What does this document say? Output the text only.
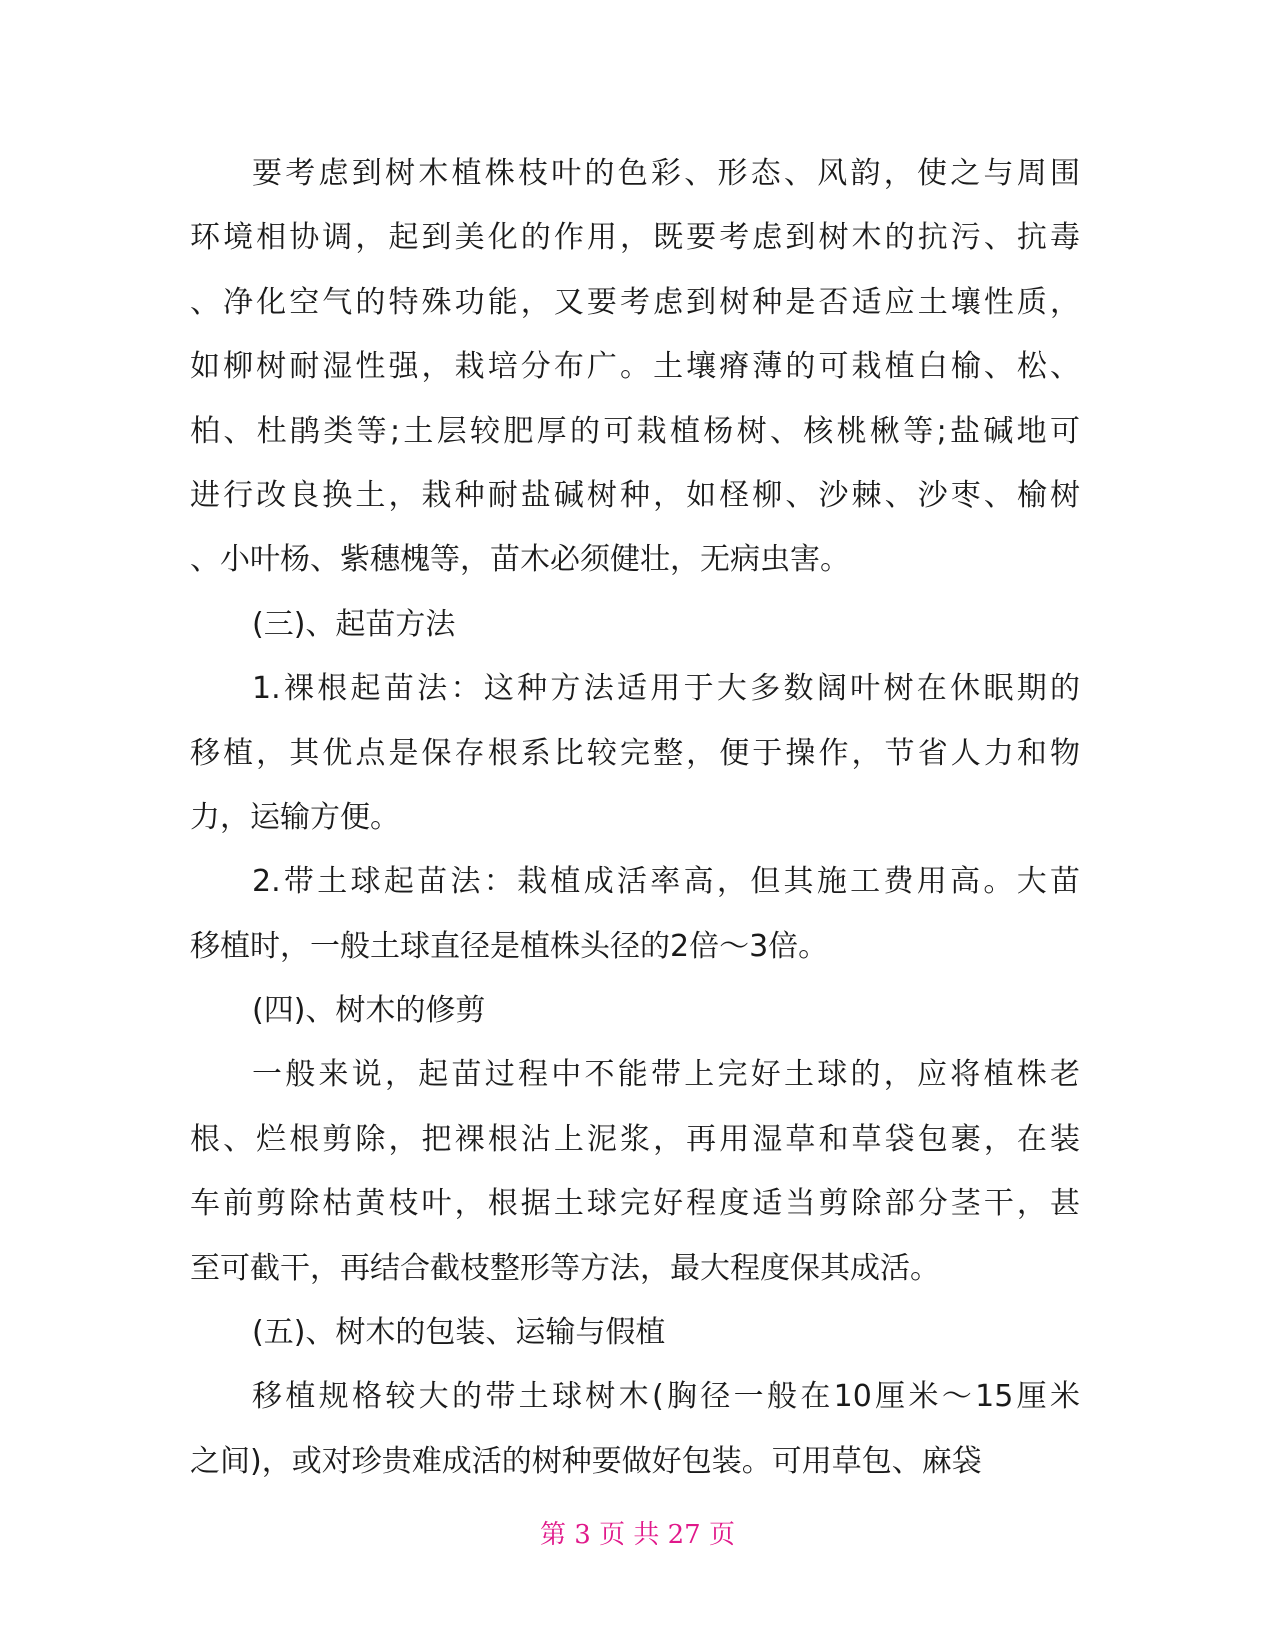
要考虑到树木植株枝叶的色彩、形态、风韵，使之与周围
环境相协调，起到美化的作用，既要考虑到树木的抗污、抗毒
、净化空气的特殊功能，又要考虑到树种是否适应土壤性质，
如柳树耐湿性强，栽培分布广。土壤瘠薄的可栽植白榆、松、
柏、杜鹃类等;土层较肥厚的可栽植杨树、核桃楸等;盐碱地可
进行改良换土，栽种耐盐碱树种，如柽柳、沙棘、沙枣、榆树
、小叶杨、紫穗槐等，苗木必须健壮，无病虫害。
(三)、起苗方法
1.裸根起苗法：这种方法适用于大多数阔叶树在休眠期的
移植，其优点是保存根系比较完整，便于操作，节省人力和物
力，运输方便。
2.带土球起苗法：栽植成活率高，但其施工费用高。大苗
移植时，一般土球直径是植株头径的2倍～3倍。
(四)、树木的修剪
一般来说，起苗过程中不能带上完好土球的，应将植株老
根、烂根剪除，把裸根沾上泥浆，再用湿草和草袋包裹，在装
车前剪除枯黄枝叶，根据土球完好程度适当剪除部分茎干，甚
至可截干，再结合截枝整形等方法，最大程度保其成活。
(五)、树木的包装、运输与假植
移植规格较大的带土球树木(胸径一般在10厘米～15厘米
之间)，或对珍贵难成活的树种要做好包装。可用草包、麻袋
第 3 页 共 27 页
